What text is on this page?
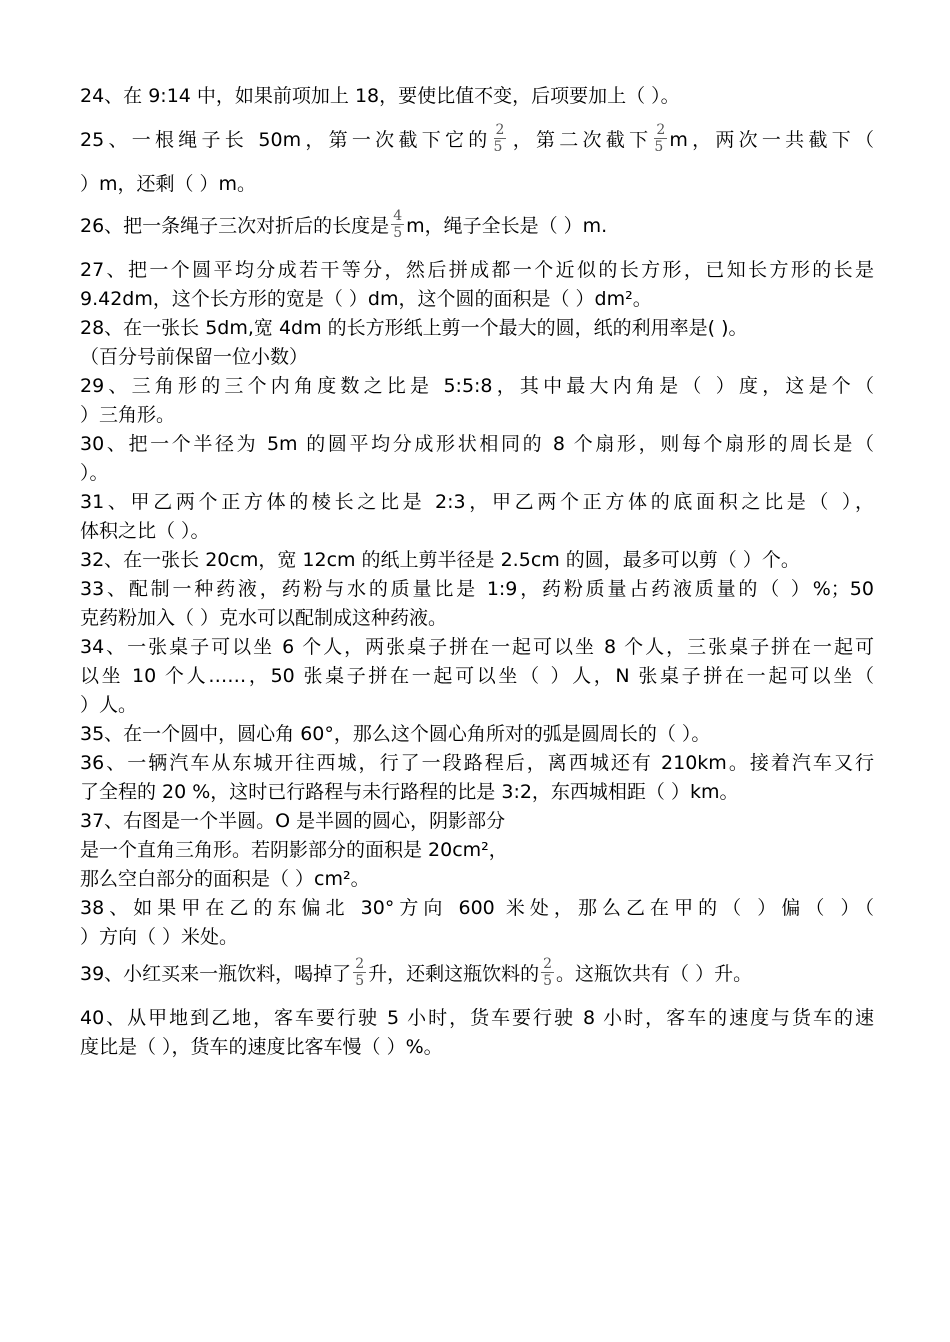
24、在 9:14 中，如果前项加上 18，要使比值不变，后项要加上（ ）。
25、一根绳子长 50m，第一次截下它的 $\frac{2}{5}$ ，第二次截下 $\frac{2}{5}$ m，两次一共截下（
）m，还剩（ ）m。
26、把一条绳子三次对折后的长度是 $\frac{4}{5}$ m，绳子全长是（ ）m.
27、把一个圆平均分成若干等分，然后拼成都一个近似的长方形，已知长方形的长是
9.42dm，这个长方形的宽是（ ）dm，这个圆的面积是（ ）dm²。
28、在一张长 5dm,宽 4dm 的长方形纸上剪一个最大的圆，纸的利用率是( )。
（百分号前保留一位小数）
29、三角形的三个内角度数之比是 5:5:8，其中最大内角是（ ）度，这是个（
）三角形。
30、把一个半径为 5m 的圆平均分成形状相同的 8 个扇形，则每个扇形的周长是（
）。
31、甲乙两个正方体的棱长之比是 2:3，甲乙两个正方体的底面积之比是（ ），
体积之比（ ）。
32、在一张长 20cm，宽 12cm 的纸上剪半径是 2.5cm 的圆，最多可以剪（ ）个。
33、配制一种药液，药粉与水的质量比是 1:9，药粉质量占药液质量的（ ）%；50
克药粉加入（ ）克水可以配制成这种药液。
34、一张桌子可以坐 6 个人，两张桌子拼在一起可以坐 8 个人，三张桌子拼在一起可
以坐 10 个人……，50 张桌子拼在一起可以坐（ ）人，N 张桌子拼在一起可以坐（
）人。
35、在一个圆中，圆心角 60°，那么这个圆心角所对的弧是圆周长的（ ）。
36、一辆汽车从东城开往西城，行了一段路程后，离西城还有 210km。接着汽车又行
了全程的 20 %，这时已行路程与未行路程的比是 3:2，东西城相距（ ）km。
37、右图是一个半圆。O 是半圆的圆心，阴影部分
是一个直角三角形。若阴影部分的面积是 20cm²，
那么空白部分的面积是（ ）cm²。
38、如果甲在乙的东偏北 30°方向 600 米处，那么乙在甲的（ ）偏（ ）（
）方向（ ）米处。
39、小红买来一瓶饮料，喝掉了 $\frac{2}{5}$ 升，还剩这瓶饮料的 $\frac{2}{5}$ 。这瓶饮共有（ ）升。
40、从甲地到乙地，客车要行驶 5 小时，货车要行驶 8 小时，客车的速度与货车的速
度比是（ ），货车的速度比客车慢（ ）%。
